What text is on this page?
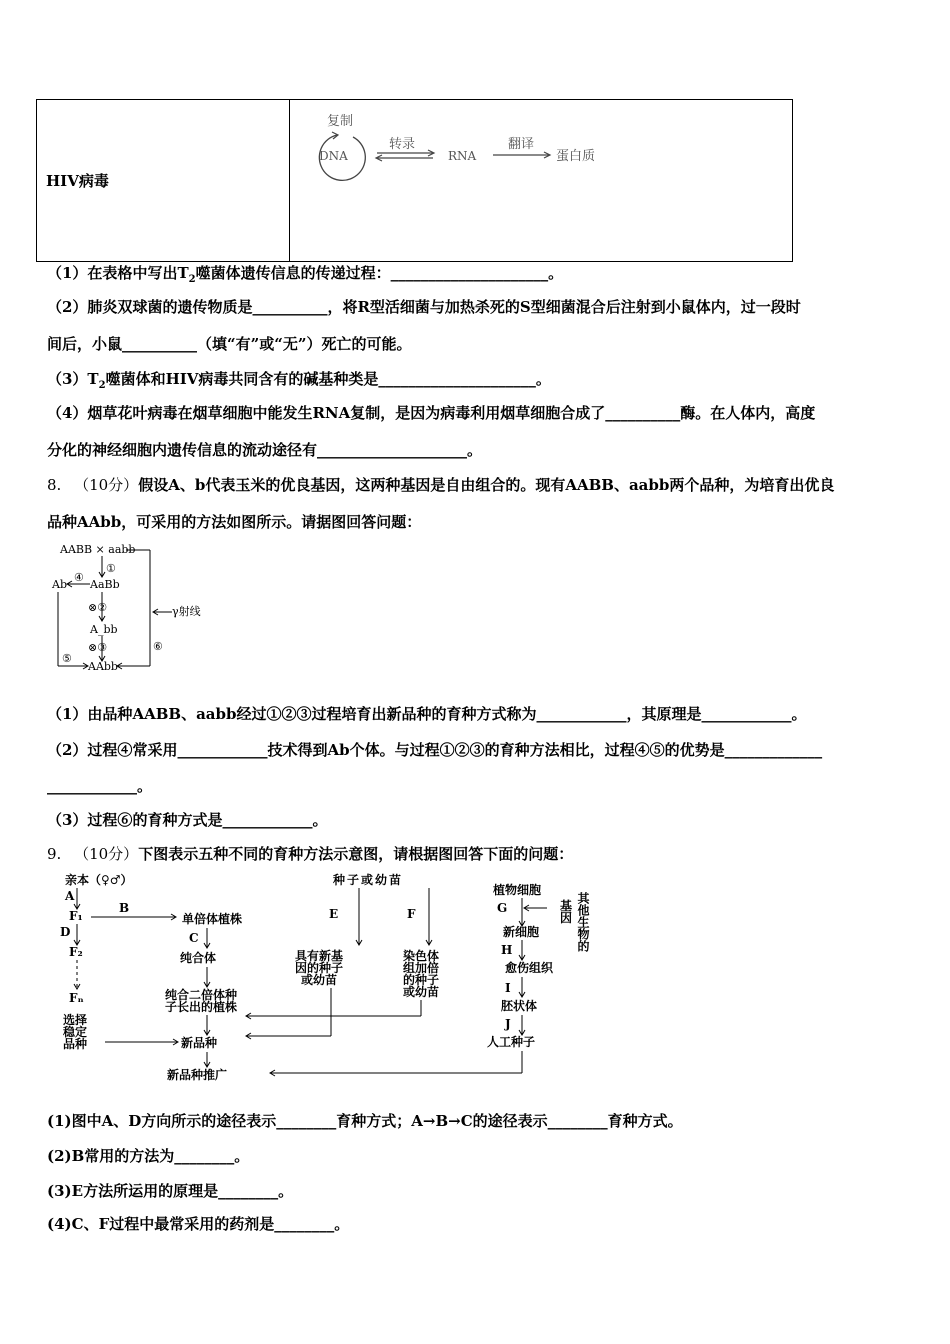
HIV病毒	
复制
DNA
转录
RNA
翻译
蛋白质
（1）在表格中写出$T_2$噬菌体遗传信息的传递过程：_____________________。
（2）肺炎双球菌的遗传物质是__________，将R型活细菌与加热杀死的S型细菌混合后注射到小鼠体内，过一段时
间后，小鼠__________（填“有”或“无”）死亡的可能。
$(3)T_2$噬菌体和HIV病毒共同含有的碱基种类是_____________________。
（4）烟草花叶病毒在烟草细胞中能发生RNA复制，是因为病毒利用烟草细胞合成了__________酶。在人体内，高度
分化的神经细胞内遗传信息的流动途径有____________________。
8. （10分）假设A、b代表玉米的优良基因，这两种基因是自由组合的。现有AABB、aabb两个品种，为培育出优良
品种AAbb，可采用的方法如图所示。请据图回答问题：
AABB × aabb
①
AaBb
Ab
④
⑤
⊗②
A_bb
⊗③
AAbb
⑥
γ射线
（1）由品种AABB、aabb经过①②③过程培育出新品种的育种方式称为____________，其原理是____________。
（2）过程④常采用____________技术得到Ab个体。与过程①②③的育种方法相比，过程④⑤的优势是_____________
____________。
（3）过程⑥的育种方式是____________。
9. （10分）下图表示五种不同的育种方法示意图，请根据图回答下面的问题：
亲本（♀♂）
A
F₁
D
F₂
Fₙ
选择
稳定
品种
B
单倍体植株
C
纯合体
纯合二倍体种
子长出的植株
新品种
新品种推广
种子或幼苗
E
具有新基
因的种子
或幼苗
F
染色体
组加倍
的种子
或幼苗
植物细胞
G	基
因 其他生物的
新细胞
H
愈伤组织
I
胚状体
J
人工种子
(1)图中A、D方向所示的途径表示________育种方式；A→B→C的途径表示________育种方式。
(2)B常用的方法为________。
(3)E方法所运用的原理是________。
(4)C、F过程中最常采用的药剂是________。
